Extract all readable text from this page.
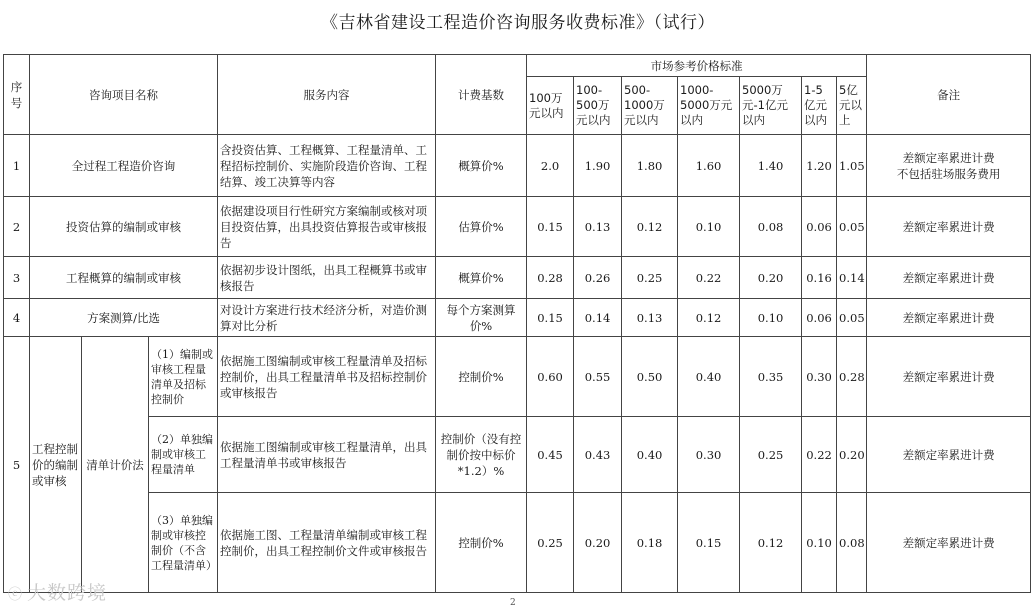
《吉林省建设工程造价咨询服务收费标准》（试行）
序号	咨询项目名称			服务内容	计费基数	市场参考价格标准							备注
						100万元以内	100-500万元以内	500-1000万元以内	1000-5000万元以内	5000万元-1亿元以内	1-5亿元以内	5亿元以上	
1	全过程工程造价咨询			含投资估算、工程概算、工程量清单、工程招标控制价、实施阶段造价咨询、工程结算、竣工决算等内容	概算价%	2.0	1.90	1.80	1.60	1.40	1.20	1.05	差额定率累进计费
不包括驻场服务费用
2	投资估算的编制或审核			依据建设项目行性研究方案编制或核对项目投资估算，出具投资估算报告或审核报告	估算价%	0.15	0.13	0.12	0.10	0.08	0.06	0.05	差额定率累进计费
3	工程概算的编制或审核			依据初步设计图纸，出具工程概算书或审核报告	概算价%	0.28	0.26	0.25	0.22	0.20	0.16	0.14	差额定率累进计费
4	方案测算/比选			对设计方案进行技术经济分析，对造价测算对比分析	每个方案测算价%	0.15	0.14	0.13	0.12	0.10	0.06	0.05	差额定率累进计费
5	工程控制价的编制或审核	清单计价法	（1）编制或审核工程量清单及招标控制价	依据施工图编制或审核工程量清单及招标控制价，出具工程量清单书及招标控制价或审核报告	控制价%	0.60	0.55	0.50	0.40	0.35	0.30	0.28	差额定率累进计费
			（2）单独编制或审核工程量清单	依据施工图编制或审核工程量清单，出具工程量清单书或审核报告	控制价（没有控制价按中标价*1.2）%	0.45	0.43	0.40	0.30	0.25	0.22	0.20	差额定率累进计费
			（3）单独编制或审核控制价（不含工程量清单）	依据施工图、工程量清单编制或审核工程控制价，出具工程控制价文件或审核报告	控制价%	0.25	0.20	0.18	0.15	0.12	0.10	0.08	差额定率累进计费
ⓒ 大数跨境	2
